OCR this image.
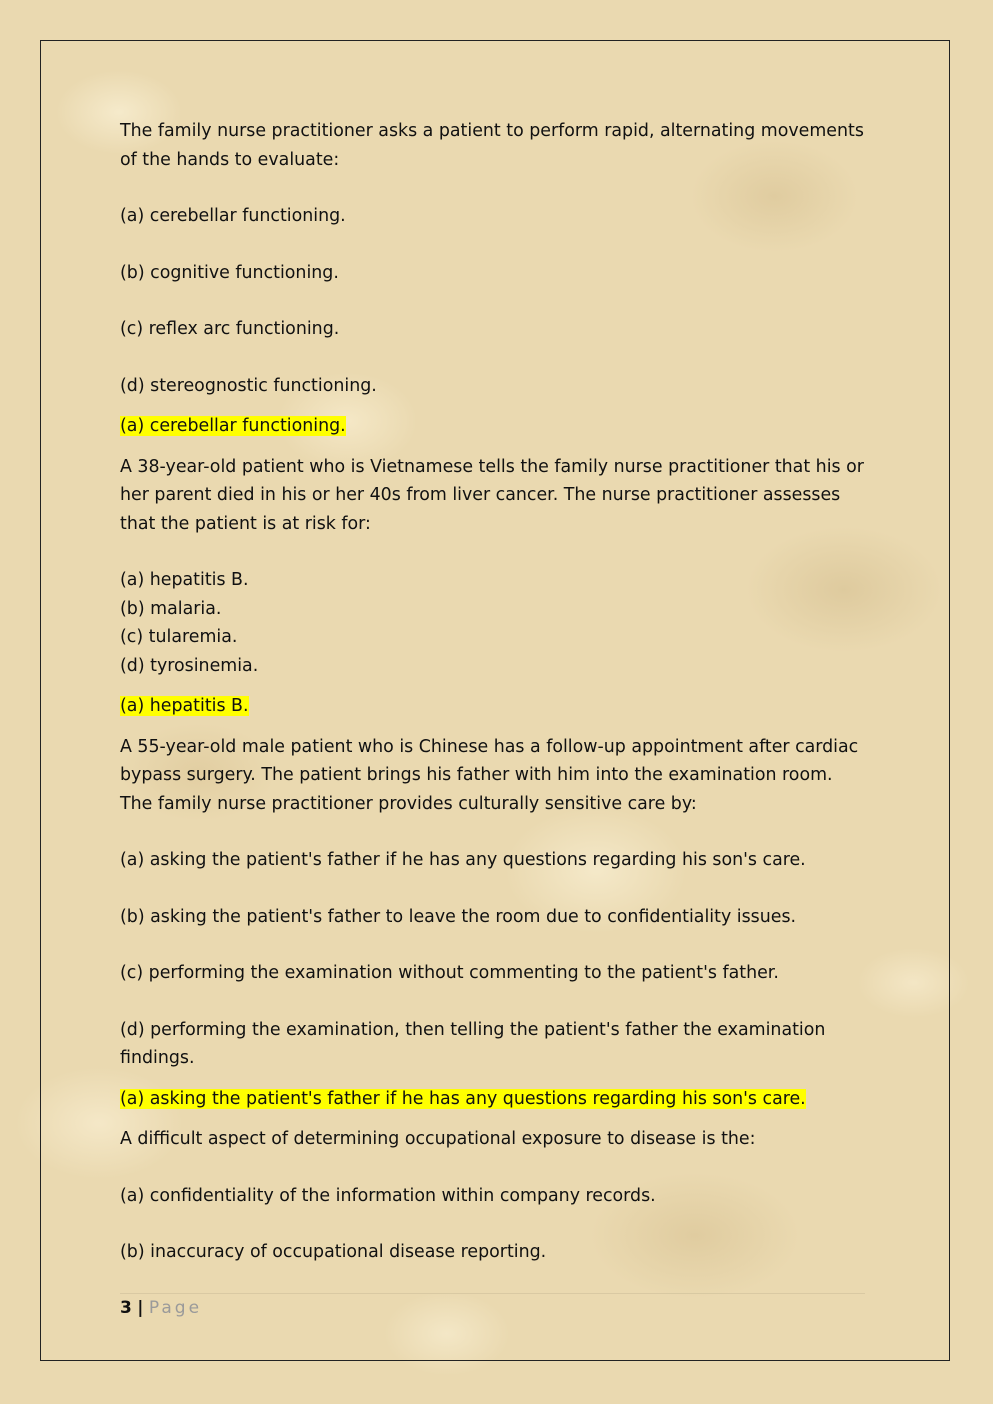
The family nurse practitioner asks a patient to perform rapid, alternating movements of the hands to evaluate:

(a) cerebellar functioning.

(b) cognitive functioning.

(c) reflex arc functioning.

(d) stereognostic functioning.

(a) cerebellar functioning.

A 38-year-old patient who is Vietnamese tells the family nurse practitioner that his or her parent died in his or her 40s from liver cancer. The nurse practitioner assesses that the patient is at risk for:

(a) hepatitis B.

(b) malaria.

(c) tularemia.

(d) tyrosinemia.

(a) hepatitis B.

A 55-year-old male patient who is Chinese has a follow-up appointment after cardiac bypass surgery. The patient brings his father with him into the examination room. The family nurse practitioner provides culturally sensitive care by:

(a) asking the patient's father if he has any questions regarding his son's care.

(b) asking the patient's father to leave the room due to confidentiality issues.

(c) performing the examination without commenting to the patient's father.

(d) performing the examination, then telling the patient's father the examination findings.

(a) asking the patient's father if he has any questions regarding his son's care.

A difficult aspect of determining occupational exposure to disease is the:

(a) confidentiality of the information within company records.

(b) inaccuracy of occupational disease reporting.

3 | Page
